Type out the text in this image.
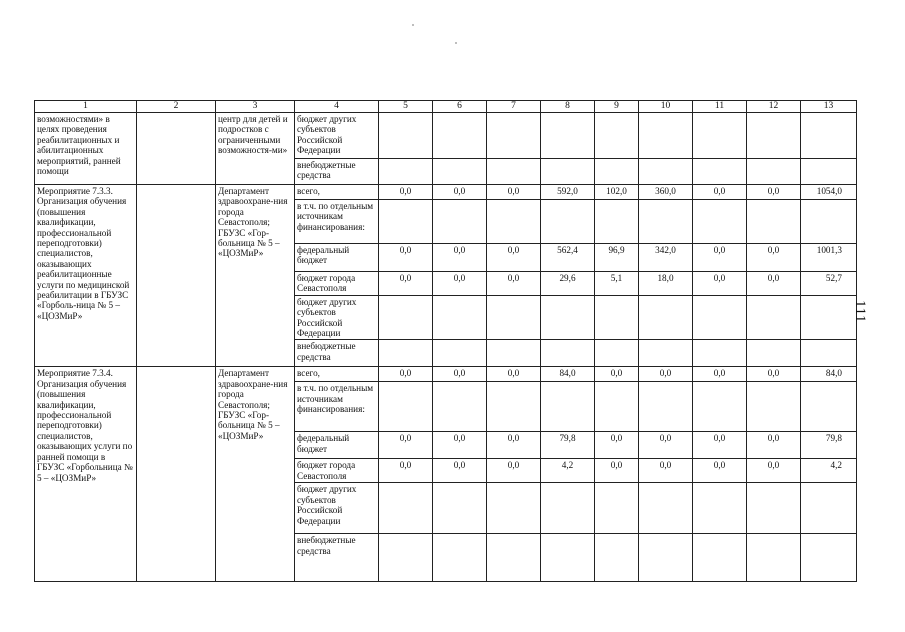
1	2	3	4	5	6	7	8	9	10	11	12	13
возможностями» в целях проведения реабилитационных и абилитационных мероприятий, ранней помощи		центр для детей и подростков с ограниченными возможностя-ми»	бюджет других субъектов Российской Федерации									
			внебюджетные средства									
Мероприятие 7.3.3. Организация обучения (повышения квалификации, профессиональной переподготовки) специалистов, оказывающих реабилитационные услуги по медицинской реабилитации в ГБУЗС «Горболь-ница № 5 – «ЦОЗМиР»		Департамент здравоохране-ния города Севастополя; ГБУЗС «Гор-больница № 5 – «ЦОЗМиР»	всего,	0,0	0,0	0,0	592,0	102,0	360,0	0,0	0,0	1054,0
			в т.ч. по отдельным источникам финансирования:									
			федеральный бюджет	0,0	0,0	0,0	562,4	96,9	342,0	0,0	0,0	1001,3
			бюджет города Севастополя	0,0	0,0	0,0	29,6	5,1	18,0	0,0	0,0	52,7
			бюджет других субъектов Российской Федерации									
			внебюджетные средства									
Мероприятие 7.3.4. Организация обучения (повышения квалификации, профессиональной переподготовки) специалистов, оказывающих услуги по ранней помощи в ГБУЗС «Горбольница № 5 – «ЦОЗМиР»		Департамент здравоохране-ния города Севастополя; ГБУЗС «Гор-больница № 5 – «ЦОЗМиР»	всего,	0,0	0,0	0,0	84,0	0,0	0,0	0,0	0,0	84,0
			в т.ч. по отдельным источникам финансирования:									
			федеральный бюджет	0,0	0,0	0,0	79,8	0,0	0,0	0,0	0,0	79,8
			бюджет города Севастополя	0,0	0,0	0,0	4,2	0,0	0,0	0,0	0,0	4,2
			бюджет других субъектов Российской Федерации									
			внебюджетные средства									
111
